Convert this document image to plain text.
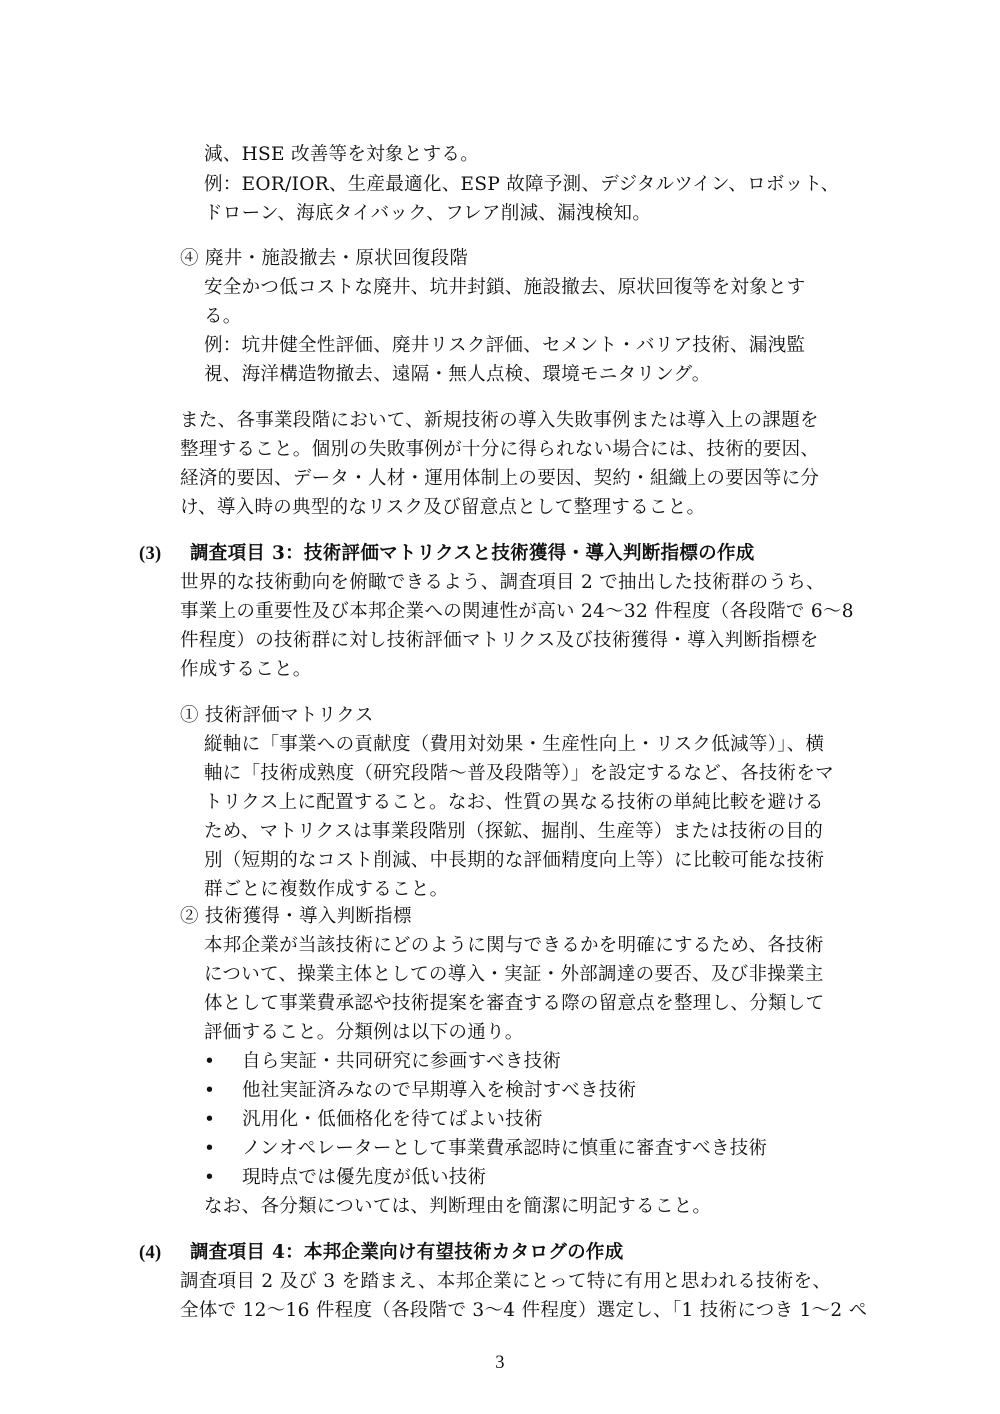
減、HSE 改善等を対象とする。
例：EOR/IOR、生産最適化、ESP 故障予測、デジタルツイン、ロボット、
ドローン、海底タイバック、フレア削減、漏洩検知。
④ 廃井・施設撤去・原状回復段階
安全かつ低コストな廃井、坑井封鎖、施設撤去、原状回復等を対象とす
る。
例：坑井健全性評価、廃井リスク評価、セメント・バリア技術、漏洩監
視、海洋構造物撤去、遠隔・無人点検、環境モニタリング。
また、各事業段階において、新規技術の導入失敗事例または導入上の課題を
整理すること。個別の失敗事例が十分に得られない場合には、技術的要因、
経済的要因、データ・人材・運用体制上の要因、契約・組織上の要因等に分
け、導入時の典型的なリスク及び留意点として整理すること。
(3) 調査項目 3：技術評価マトリクスと技術獲得・導入判断指標の作成
世界的な技術動向を俯瞰できるよう、調査項目 2 で抽出した技術群のうち、
事業上の重要性及び本邦企業への関連性が高い 24〜32 件程度（各段階で 6〜8
件程度）の技術群に対し技術評価マトリクス及び技術獲得・導入判断指標を
作成すること。
① 技術評価マトリクス
縦軸に「事業への貢献度（費用対効果・生産性向上・リスク低減等）」、横
軸に「技術成熟度（研究段階〜普及段階等）」を設定するなど、各技術をマ
トリクス上に配置すること。なお、性質の異なる技術の単純比較を避ける
ため、マトリクスは事業段階別（探鉱、掘削、生産等）または技術の目的
別（短期的なコスト削減、中長期的な評価精度向上等）に比較可能な技術
群ごとに複数作成すること。
② 技術獲得・導入判断指標
本邦企業が当該技術にどのように関与できるかを明確にするため、各技術
について、操業主体としての導入・実証・外部調達の要否、及び非操業主
体として事業費承認や技術提案を審査する際の留意点を整理し、分類して
評価すること。分類例は以下の通り。
• 自ら実証・共同研究に参画すべき技術
• 他社実証済みなので早期導入を検討すべき技術
• 汎用化・低価格化を待てばよい技術
• ノンオペレーターとして事業費承認時に慎重に審査すべき技術
• 現時点では優先度が低い技術
なお、各分類については、判断理由を簡潔に明記すること。
(4) 調査項目 4：本邦企業向け有望技術カタログの作成
調査項目 2 及び 3 を踏まえ、本邦企業にとって特に有用と思われる技術を、
全体で 12〜16 件程度（各段階で 3〜4 件程度）選定し、「1 技術につき 1〜2 ペ
3
